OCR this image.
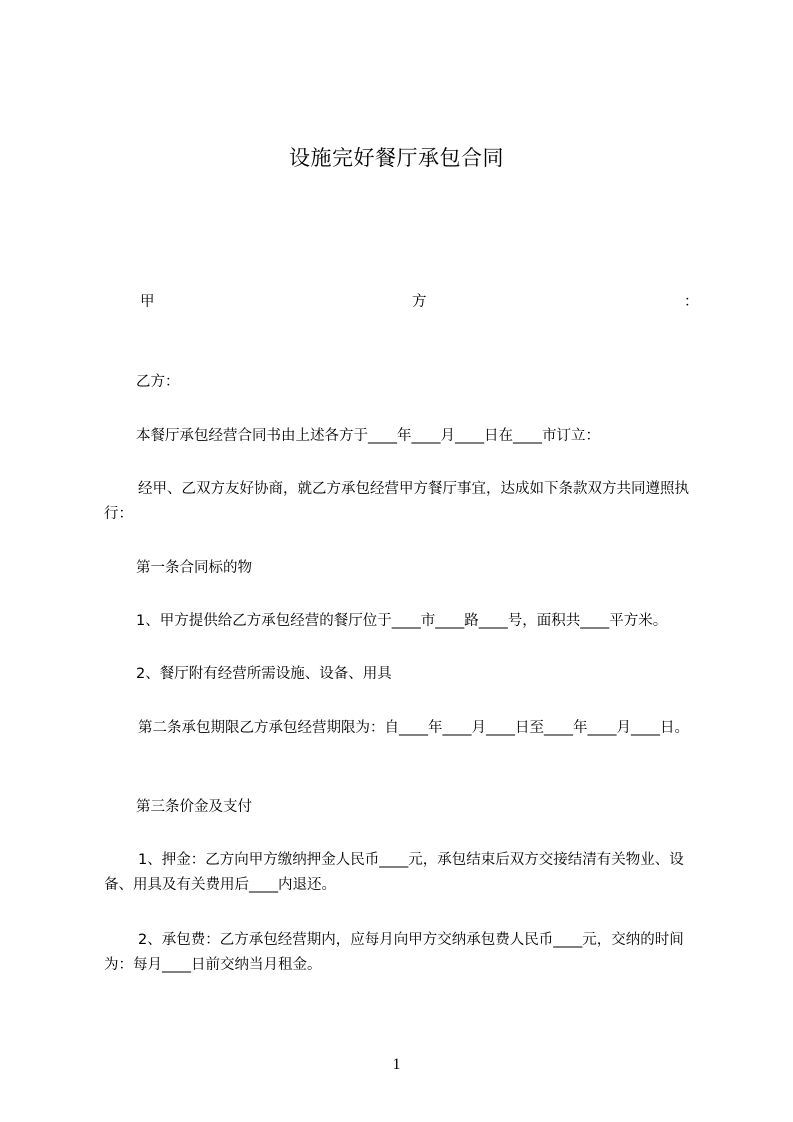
设施完好餐厅承包合同
甲	方	：
乙方：
本餐厅承包经营合同书由上述各方于____年____月____日在____市订立：
经甲、乙双方友好协商，就乙方承包经营甲方餐厅事宜，达成如下条款双方共同遵照执行：
第一条合同标的物
1、甲方提供给乙方承包经营的餐厅位于____市____路____号，面积共____平方米。
2、餐厅附有经营所需设施、设备、用具
第二条承包期限乙方承包经营期限为：自____年____月____日至____年____月____日。
第三条价金及支付
1、押金：乙方向甲方缴纳押金人民币____元，承包结束后双方交接结清有关物业、设备、用具及有关费用后____内退还。
2、承包费：乙方承包经营期内，应每月向甲方交纳承包费人民币____元，交纳的时间为：每月____日前交纳当月租金。
1
